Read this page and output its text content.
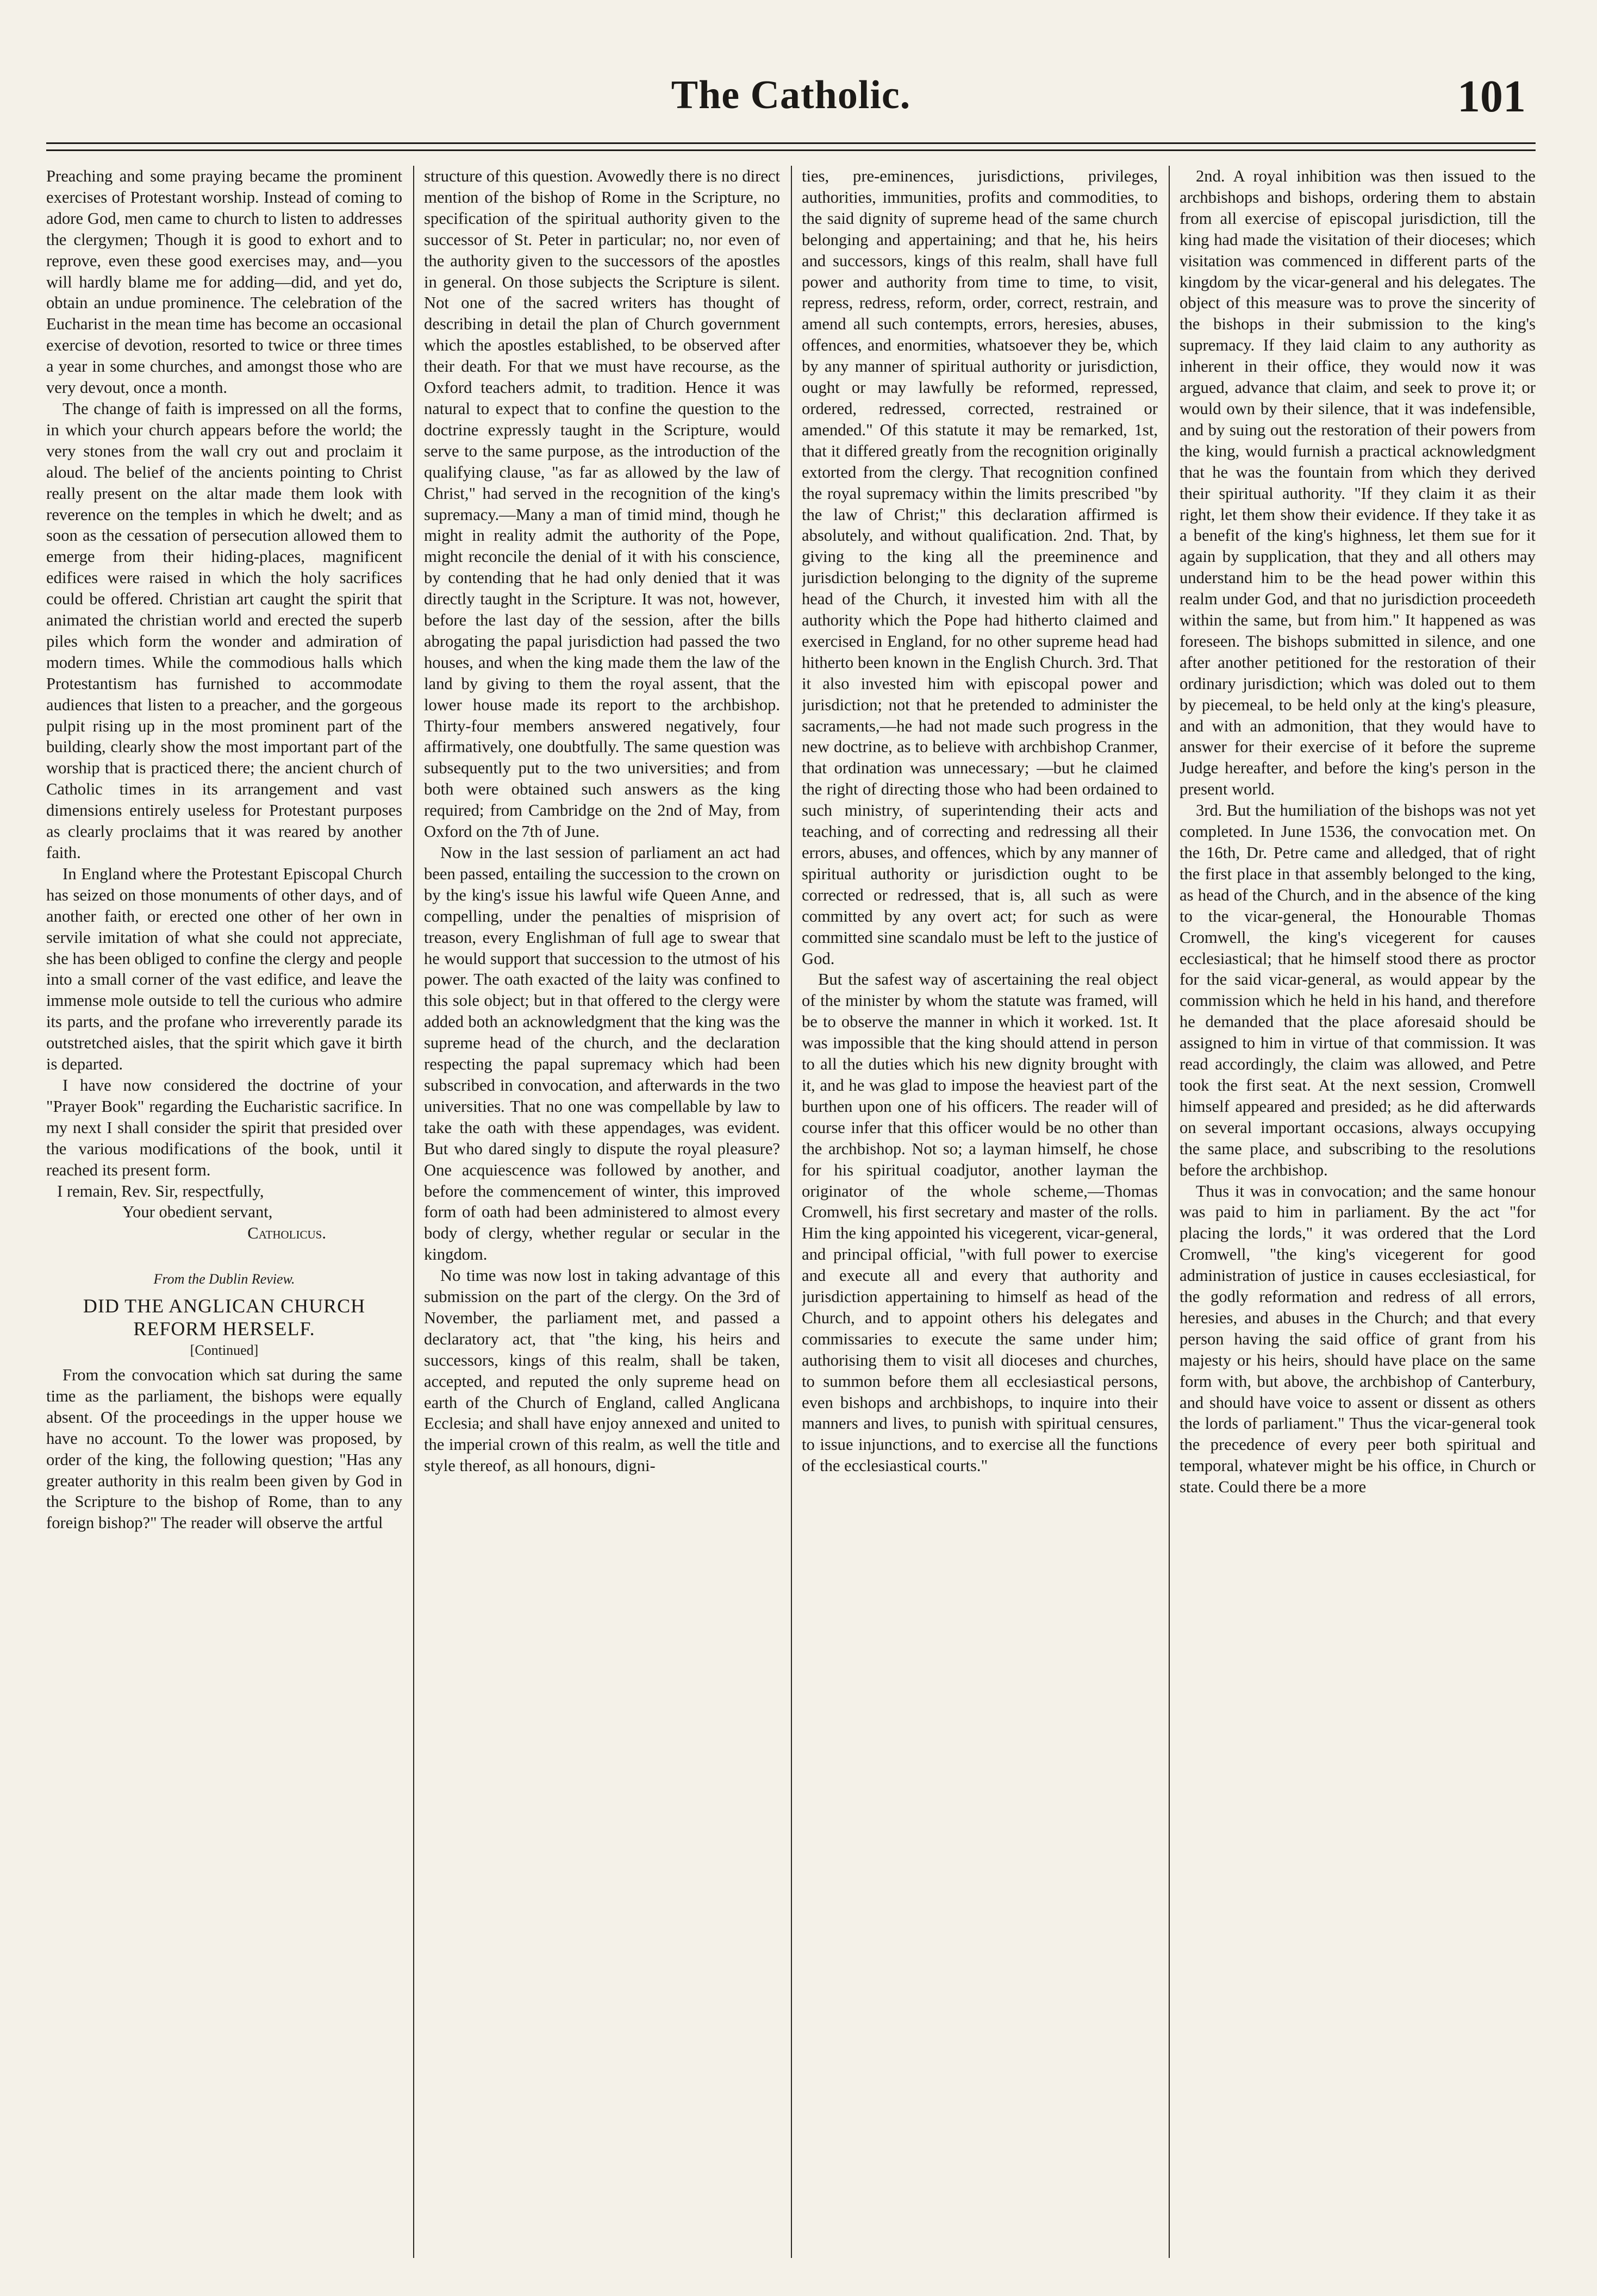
The Catholic.	101

Preaching and some praying became the prominent exercises of Protestant worship. Instead of coming to adore God, men came to church to listen to addresses the clergymen; Though it is good to exhort and to reprove, even these good exercises may, and—you will hardly blame me for adding—did, and yet do, obtain an undue prominence. The celebration of the Eucharist in the mean time has become an occasional exercise of devotion, resorted to twice or three times a year in some churches, and amongst those who are very devout, once a month.

The change of faith is impressed on all the forms, in which your church appears before the world; the very stones from the wall cry out and proclaim it aloud. The belief of the ancients pointing to Christ really present on the altar made them look with reverence on the temples in which he dwelt; and as soon as the cessation of persecution allowed them to emerge from their hiding-places, magnificent edifices were raised in which the holy sacrifices could be offered. Christian art caught the spirit that animated the christian world and erected the superb piles which form the wonder and admiration of modern times. While the commodious halls which Protestantism has furnished to accommodate audiences that listen to a preacher, and the gorgeous pulpit rising up in the most prominent part of the building, clearly show the most important part of the worship that is practiced there; the ancient church of Catholic times in its arrangement and vast dimensions entirely useless for Protestant purposes as clearly proclaims that it was reared by another faith.

In England where the Protestant Episcopal Church has seized on those monuments of other days, and of another faith, or erected one other of her own in servile imitation of what she could not appreciate, she has been obliged to confine the clergy and people into a small corner of the vast edifice, and leave the immense mole outside to tell the curious who admire its parts, and the profane who irreverently parade its outstretched aisles, that the spirit which gave it birth is departed.

I have now considered the doctrine of your "Prayer Book" regarding the Eucharistic sacrifice. In my next I shall consider the spirit that presided over the various modifications of the book, until it reached its present form.

I remain, Rev. Sir, respectfully,

Your obedient servant,

Catholicus.

From the Dublin Review.

DID THE ANGLICAN CHURCH REFORM HERSELF.

[Continued]

From the convocation which sat during the same time as the parliament, the bishops were equally absent. Of the proceedings in the upper house we have no account. To the lower was proposed, by order of the king, the following question; "Has any greater authority in this realm been given by God in the Scripture to the bishop of Rome, than to any foreign bishop?" The reader will observe the artful

structure of this question. Avowedly there is no direct mention of the bishop of Rome in the Scripture, no specification of the spiritual authority given to the successor of St. Peter in particular; no, nor even of the authority given to the successors of the apostles in general. On those subjects the Scripture is silent. Not one of the sacred writers has thought of describing in detail the plan of Church government which the apostles established, to be observed after their death. For that we must have recourse, as the Oxford teachers admit, to tradition. Hence it was natural to expect that to confine the question to the doctrine expressly taught in the Scripture, would serve to the same purpose, as the introduction of the qualifying clause, "as far as allowed by the law of Christ," had served in the recognition of the king's supremacy.—Many a man of timid mind, though he might in reality admit the authority of the Pope, might reconcile the denial of it with his conscience, by contending that he had only denied that it was directly taught in the Scripture. It was not, however, before the last day of the session, after the bills abrogating the papal jurisdiction had passed the two houses, and when the king made them the law of the land by giving to them the royal assent, that the lower house made its report to the archbishop. Thirty-four members answered negatively, four affirmatively, one doubtfully. The same question was subsequently put to the two universities; and from both were obtained such answers as the king required; from Cambridge on the 2nd of May, from Oxford on the 7th of June.

Now in the last session of parliament an act had been passed, entailing the succession to the crown on by the king's issue his lawful wife Queen Anne, and compelling, under the penalties of misprision of treason, every Englishman of full age to swear that he would support that succession to the utmost of his power. The oath exacted of the laity was confined to this sole object; but in that offered to the clergy were added both an acknowledgment that the king was the supreme head of the church, and the declaration respecting the papal supremacy which had been subscribed in convocation, and afterwards in the two universities. That no one was compellable by law to take the oath with these appendages, was evident. But who dared singly to dispute the royal pleasure? One acquiescence was followed by another, and before the commencement of winter, this improved form of oath had been administered to almost every body of clergy, whether regular or secular in the kingdom.

No time was now lost in taking advantage of this submission on the part of the clergy. On the 3rd of November, the parliament met, and passed a declaratory act, that "the king, his heirs and successors, kings of this realm, shall be taken, accepted, and reputed the only supreme head on earth of the Church of England, called Anglicana Ecclesia; and shall have enjoy annexed and united to the imperial crown of this realm, as well the title and style thereof, as all honours, digni-

ties, pre-eminences, jurisdictions, privileges, authorities, immunities, profits and commodities, to the said dignity of supreme head of the same church belonging and appertaining; and that he, his heirs and successors, kings of this realm, shall have full power and authority from time to time, to visit, repress, redress, reform, order, correct, restrain, and amend all such contempts, errors, heresies, abuses, offences, and enormities, whatsoever they be, which by any manner of spiritual authority or jurisdiction, ought or may lawfully be reformed, repressed, ordered, redressed, corrected, restrained or amended." Of this statute it may be remarked, 1st, that it differed greatly from the recognition originally extorted from the clergy. That recognition confined the royal supremacy within the limits prescribed "by the law of Christ;" this declaration affirmed is absolutely, and without qualification. 2nd. That, by giving to the king all the preeminence and jurisdiction belonging to the dignity of the supreme head of the Church, it invested him with all the authority which the Pope had hitherto claimed and exercised in England, for no other supreme head had hitherto been known in the English Church. 3rd. That it also invested him with episcopal power and jurisdiction; not that he pretended to administer the sacraments,—he had not made such progress in the new doctrine, as to believe with archbishop Cranmer, that ordination was unnecessary; —but he claimed the right of directing those who had been ordained to such ministry, of superintending their acts and teaching, and of correcting and redressing all their errors, abuses, and offences, which by any manner of spiritual authority or jurisdiction ought to be corrected or redressed, that is, all such as were committed by any overt act; for such as were committed sine scandalo must be left to the justice of God.

But the safest way of ascertaining the real object of the minister by whom the statute was framed, will be to observe the manner in which it worked. 1st. It was impossible that the king should attend in person to all the duties which his new dignity brought with it, and he was glad to impose the heaviest part of the burthen upon one of his officers. The reader will of course infer that this officer would be no other than the archbishop. Not so; a layman himself, he chose for his spiritual coadjutor, another layman the originator of the whole scheme,—Thomas Cromwell, his first secretary and master of the rolls. Him the king appointed his vicegerent, vicar-general, and principal official, "with full power to exercise and execute all and every that authority and jurisdiction appertaining to himself as head of the Church, and to appoint others his delegates and commissaries to execute the same under him; authorising them to visit all dioceses and churches, to summon before them all ecclesiastical persons, even bishops and archbishops, to inquire into their manners and lives, to punish with spiritual censures, to issue injunctions, and to exercise all the functions of the ecclesiastical courts."

2nd. A royal inhibition was then issued to the archbishops and bishops, ordering them to abstain from all exercise of episcopal jurisdiction, till the king had made the visitation of their dioceses; which visitation was commenced in different parts of the kingdom by the vicar-general and his delegates. The object of this measure was to prove the sincerity of the bishops in their submission to the king's supremacy. If they laid claim to any authority as inherent in their office, they would now it was argued, advance that claim, and seek to prove it; or would own by their silence, that it was indefensible, and by suing out the restoration of their powers from the king, would furnish a practical acknowledgment that he was the fountain from which they derived their spiritual authority. "If they claim it as their right, let them show their evidence. If they take it as a benefit of the king's highness, let them sue for it again by supplication, that they and all others may understand him to be the head power within this realm under God, and that no jurisdiction proceedeth within the same, but from him." It happened as was foreseen. The bishops submitted in silence, and one after another petitioned for the restoration of their ordinary jurisdiction; which was doled out to them by piecemeal, to be held only at the king's pleasure, and with an admonition, that they would have to answer for their exercise of it before the supreme Judge hereafter, and before the king's person in the present world.

3rd. But the humiliation of the bishops was not yet completed. In June 1536, the convocation met. On the 16th, Dr. Petre came and alledged, that of right the first place in that assembly belonged to the king, as head of the Church, and in the absence of the king to the vicar-general, the Honourable Thomas Cromwell, the king's vicegerent for causes ecclesiastical; that he himself stood there as proctor for the said vicar-general, as would appear by the commission which he held in his hand, and therefore he demanded that the place aforesaid should be assigned to him in virtue of that commission. It was read accordingly, the claim was allowed, and Petre took the first seat. At the next session, Cromwell himself appeared and presided; as he did afterwards on several important occasions, always occupying the same place, and subscribing to the resolutions before the archbishop.

Thus it was in convocation; and the same honour was paid to him in parliament. By the act "for placing the lords," it was ordered that the Lord Cromwell, "the king's vicegerent for good administration of justice in causes ecclesiastical, for the godly reformation and redress of all errors, heresies, and abuses in the Church; and that every person having the said office of grant from his majesty or his heirs, should have place on the same form with, but above, the archbishop of Canterbury, and should have voice to assent or dissent as others the lords of parliament." Thus the vicar-general took the precedence of every peer both spiritual and temporal, whatever might be his office, in Church or state. Could there be a more
